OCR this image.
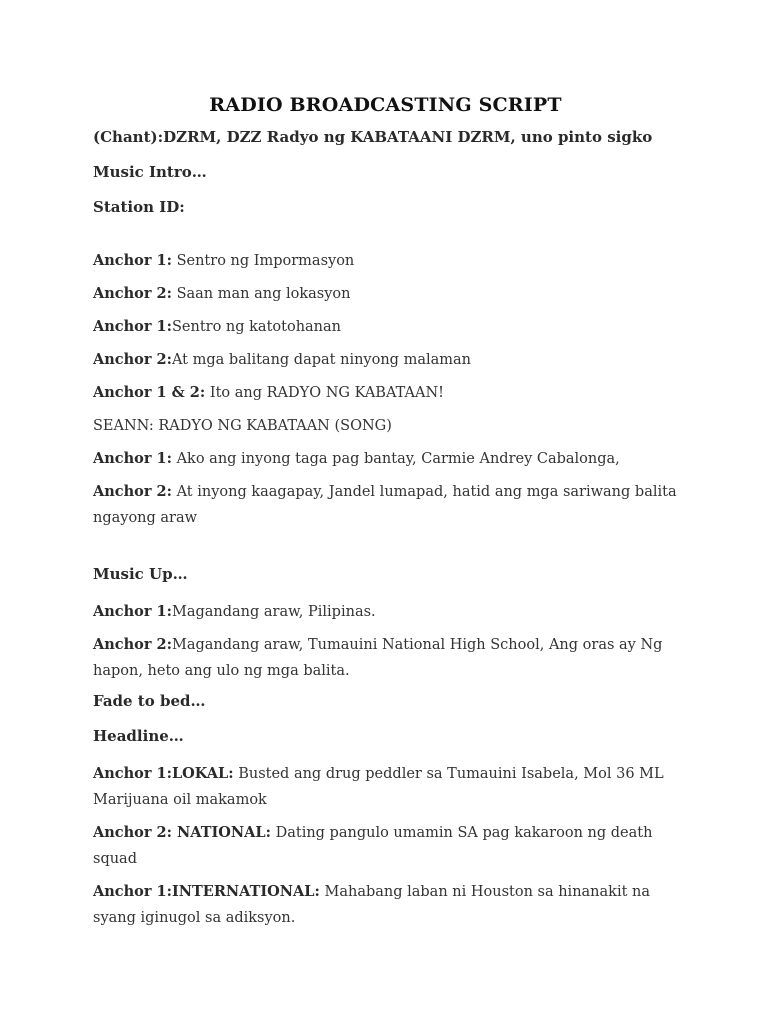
RADIO BROADCASTING SCRIPT
(Chant):DZRM, DZZ Radyo ng KABATAANI DZRM, uno pinto sigko
Music Intro…
Station ID:
Anchor 1: Sentro ng Impormasyon
Anchor 2: Saan man ang lokasyon
Anchor 1:Sentro ng katotohanan
Anchor 2:At mga balitang dapat ninyong malaman
Anchor 1 & 2: Ito ang RADYO NG KABATAAN!
SEANN: RADYO NG KABATAAN (SONG)
Anchor 1: Ako ang inyong taga pag bantay, Carmie Andrey Cabalonga,
Anchor 2: At inyong kaagapay, Jandel lumapad, hatid ang mga sariwang balita ngayong araw
Music Up…
Anchor 1:Magandang araw, Pilipinas.
Anchor 2:Magandang araw, Tumauini National High School, Ang oras ay Ng hapon, heto ang ulo ng mga balita.
Fade to bed…
Headline…
Anchor 1:LOKAL: Busted ang drug peddler sa Tumauini Isabela, Mol 36 ML Marijuana oil makamok
Anchor 2: NATIONAL: Dating pangulo umamin SA pag kakaroon ng death squad
Anchor 1:INTERNATIONAL: Mahabang laban ni Houston sa hinanakit na syang iginugol sa adiksyon.
